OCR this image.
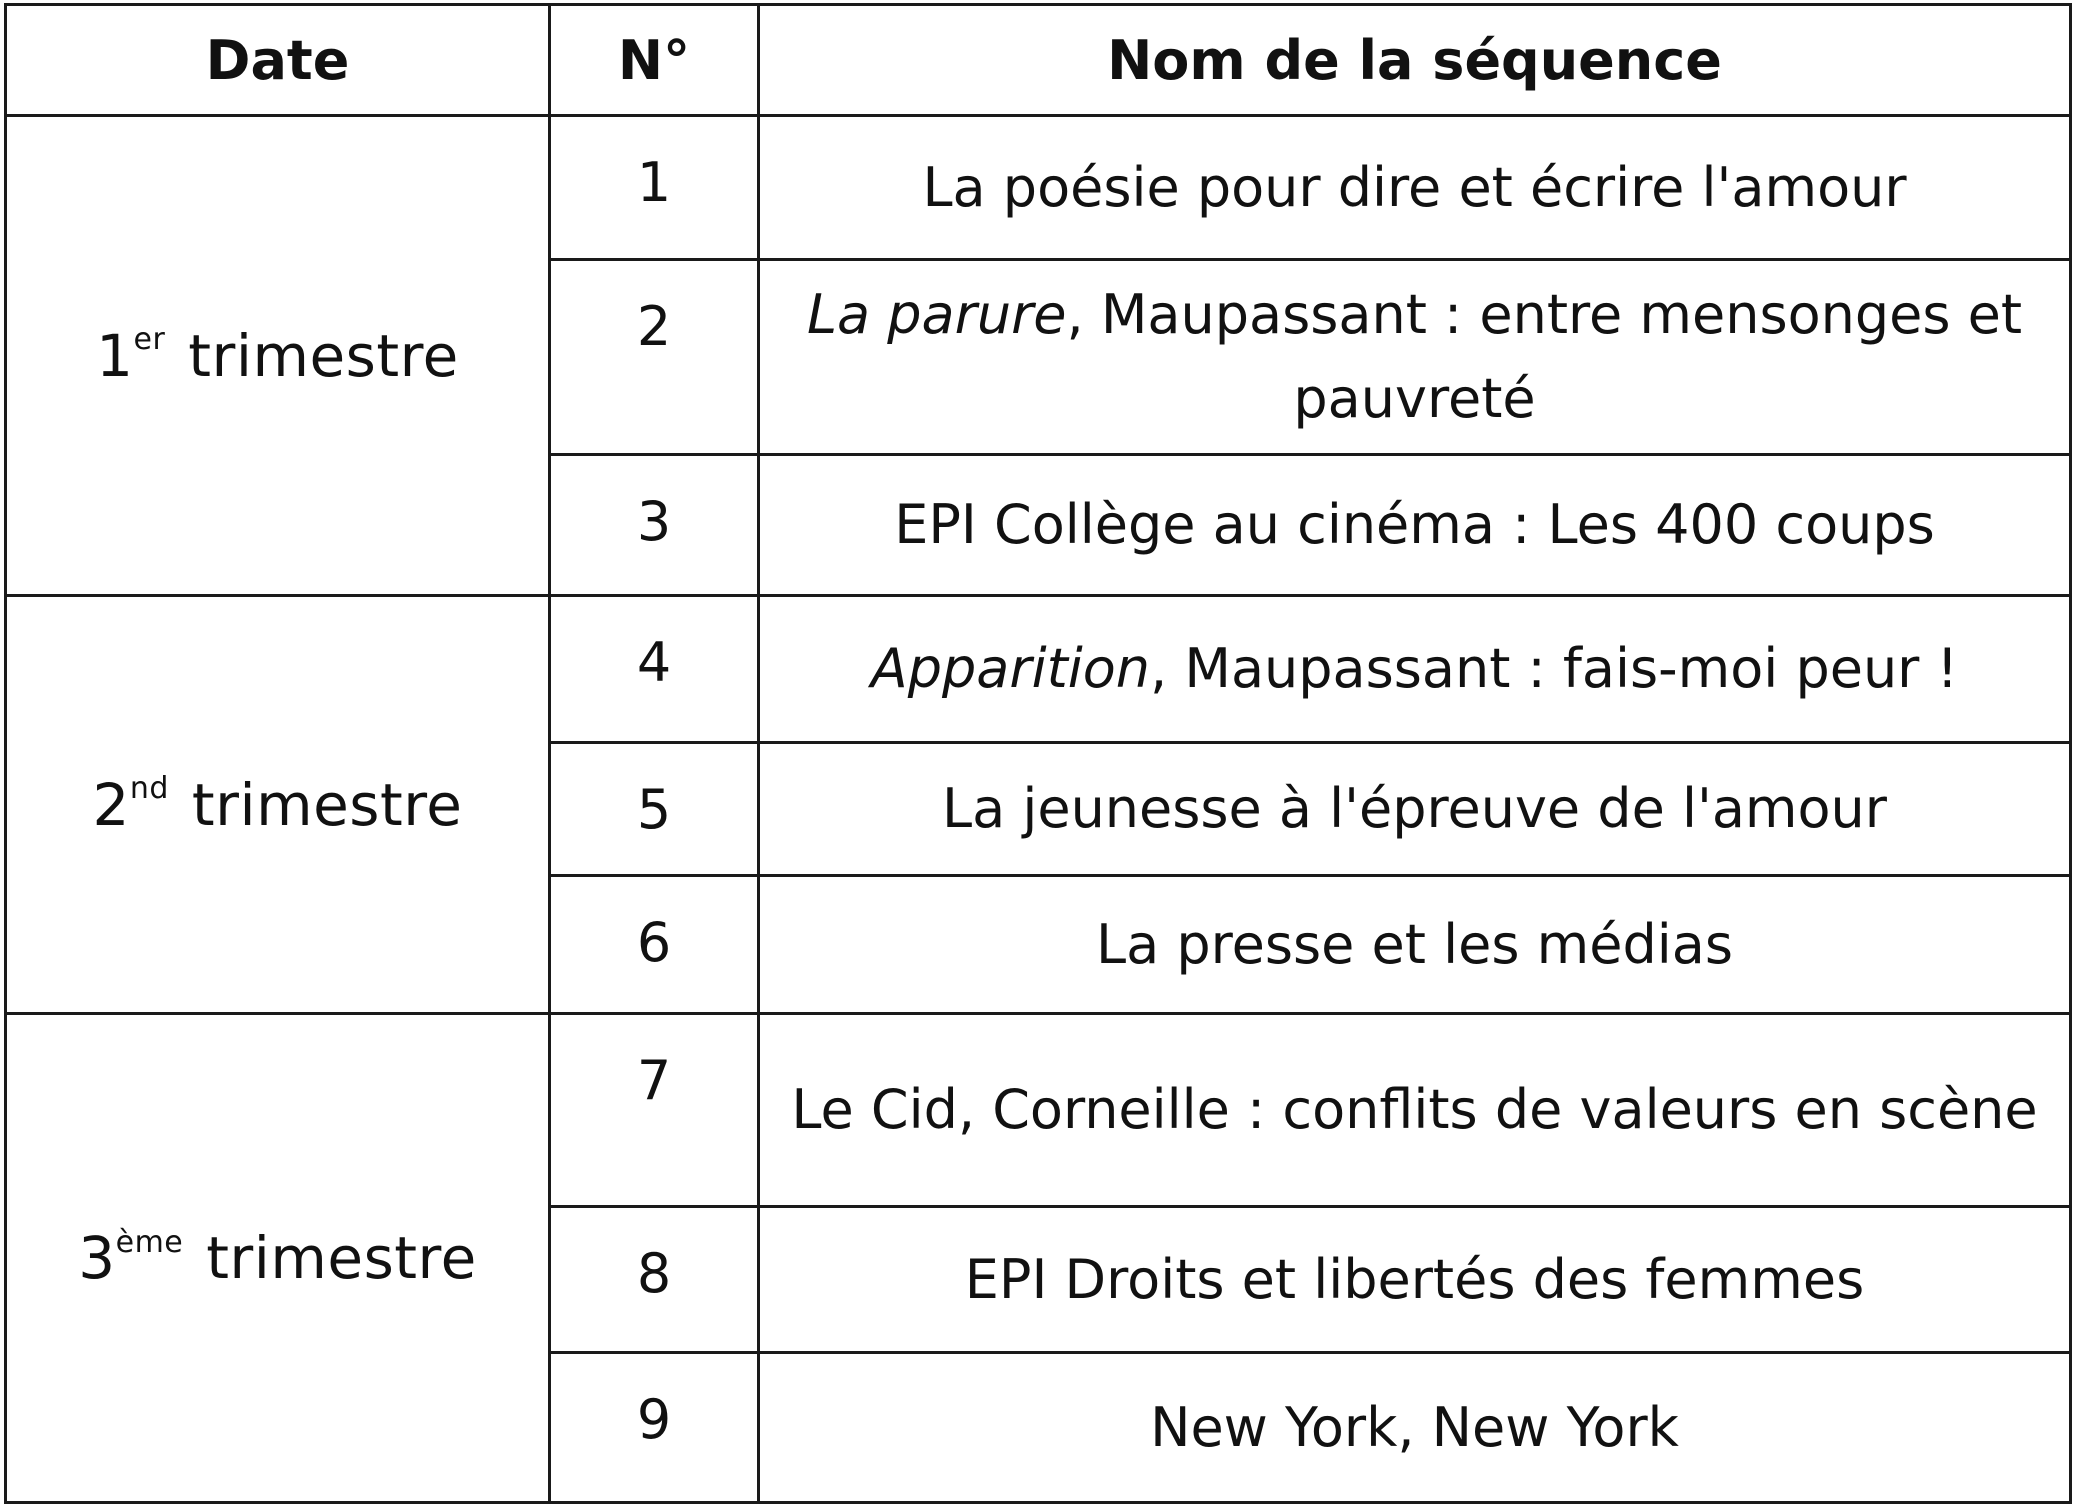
Date	N°	Nom de la séquence
1er trimestre	1	La poésie pour dire et écrire l'amour
	2	La parure, Maupassant : entre mensonges et pauvreté
	3	EPI Collège au cinéma : Les 400 coups
2nd trimestre	4	Apparition, Maupassant : fais-moi peur !
	5	La jeunesse à l'épreuve de l'amour
	6	La presse et les médias
3ème trimestre	7	Le Cid, Corneille : conflits de valeurs en scène
	8	EPI Droits et libertés des femmes
	9	New York, New York
